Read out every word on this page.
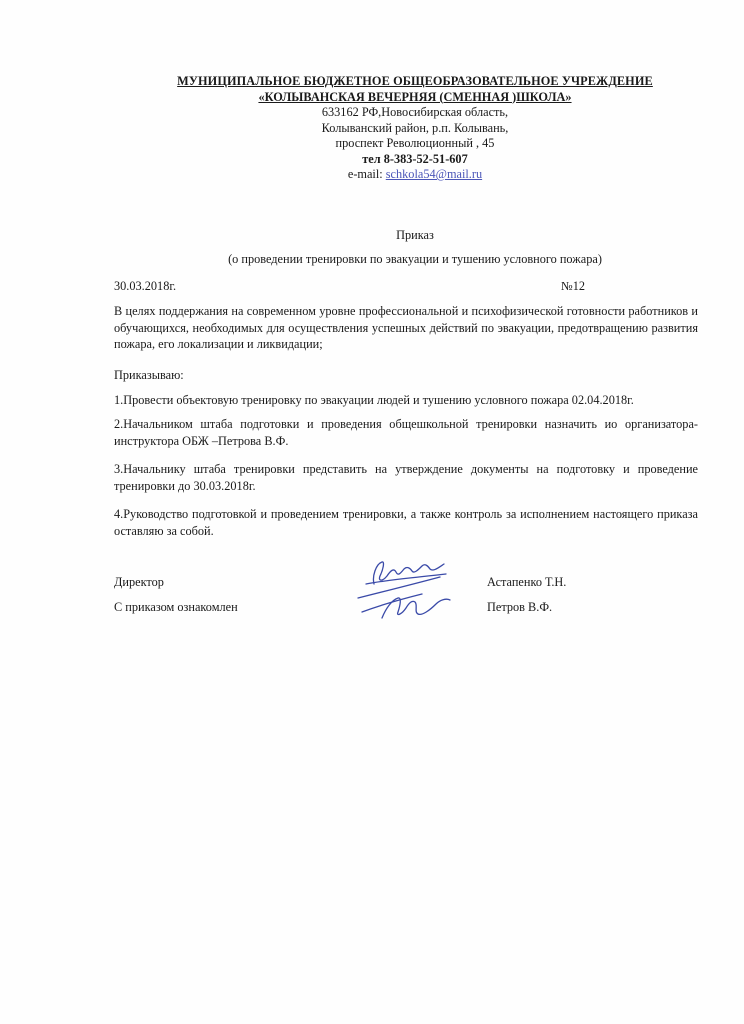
МУНИЦИПАЛЬНОЕ БЮДЖЕТНОЕ ОБЩЕОБРАЗОВАТЕЛЬНОЕ УЧРЕЖДЕНИЕ
«КОЛЫВАНСКАЯ ВЕЧЕРНЯЯ (СМЕННАЯ )ШКОЛА»
633162 РФ,Новосибирская область,
Колыванский район, р.п. Колывань,
проспект Революционный , 45
тел 8-383-52-51-607
e-mail: schkola54@mail.ru
Приказ
(о проведении тренировки по эвакуации и тушению условного пожара)
30.03.2018г.	№12
В целях поддержания на современном уровне профессиональной и психофизической готовности работников и обучающихся, необходимых для осуществления успешных действий по эвакуации, предотвращению развития пожара, его локализации и ликвидации;
Приказываю:
1.Провести объектовую тренировку по эвакуации людей и тушению условного пожара 02.04.2018г.
2.Начальником штаба подготовки и проведения общешкольной тренировки назначить ио организатора- инструктора ОБЖ –Петрова В.Ф.
3.Начальнику штаба тренировки представить на утверждение документы на подготовку и проведение тренировки до 30.03.2018г.
4.Руководство подготовкой и проведением тренировки, а также контроль за исполнением настоящего приказа оставляю за собой.
Директор	Астапенко Т.Н.
С приказом ознакомлен	Петров В.Ф.
